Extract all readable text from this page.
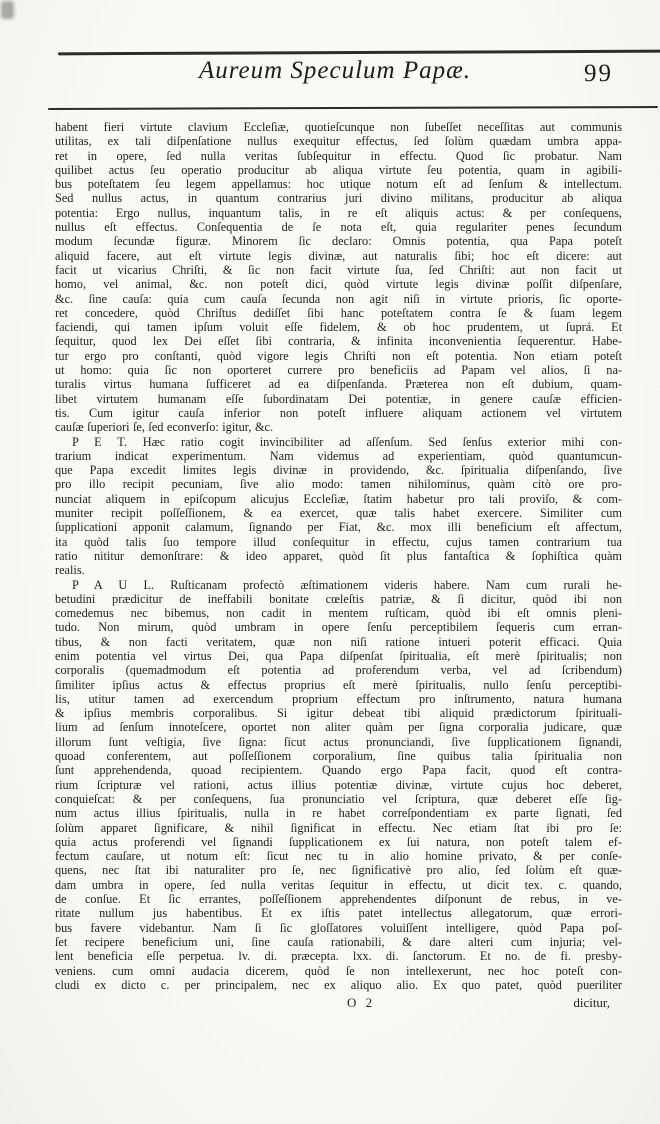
Aureum Speculum Papæ.	99
habent fieri virtute clavium Eccleſiæ, quotieſcunque non ſubeſſet neceſſitas aut communis
utilitas, ex tali diſpenſatione nullus exequitur effectus, ſed ſolùm quædam umbra appa-
ret in opere, ſed nulla veritas ſubſequitur in effectu. Quod ſic probatur. Nam
quilibet actus ſeu operatio producitur ab aliqua virtute ſeu potentia, quam in agibili-
bus poteſtatem ſeu legem appellamus: hoc utique notum eſt ad ſenſum & intellectum.
Sed nullus actus, in quantum contrarius juri divino militans, producitur ab aliqua
potentia: Ergo nullus, inquantum talis, in re eſt aliquis actus: & per conſequens,
nullus eſt effectus. Conſequentia de ſe nota eſt, quia regulariter penes ſecundum
modum ſecundæ figuræ. Minorem ſic declaro: Omnis potentia, qua Papa poteſt
aliquid facere, aut eſt virtute legis divinæ, aut naturalis ſibi; hoc eſt dicere: aut
facit ut vicarius Chriſti, & ſic non facit virtute ſua, ſed Chriſti: aut non facit ut
homo, vel animal, &c. non poteſt dici, quòd virtute legis divinæ poſſit diſpenſare,
&c. ſine cauſa: quia cum cauſa ſecunda non agit niſi in virtute prioris, ſic oporte-
ret concedere, quòd Chriſtus dediſſet ſibi hanc poteſtatem contra ſe & ſuam legem
faciendi, qui tamen ipſum voluit eſſe fidelem, & ob hoc prudentem, ut ſuprá. Et
ſequitur, quod lex Dei eſſet ſibi contraria, & infinita inconvenientia ſequerentur. Habe-
tur ergo pro conſtanti, quòd vigore legis Chriſti non eſt potentia. Non etiam poteſt
ut homo: quia ſic non oporteret currere pro beneficiis ad Papam vel alios, ſi na-
turalis virtus humana ſufficeret ad ea diſpenſanda. Præterea non eſt dubium, quam-
libet virtutem humanam eſſe ſubordinatam Dei potentiæ, in genere cauſæ efficien-
tis. Cum igitur cauſa inferior non poteſt influere aliquam actionem vel virtutem
cauſæ ſuperiori ſe, ſed econverſo: igitur, &c.
P E T. Hæc ratio cogit invincibiliter ad aſſenſum. Sed ſenſus exterior mihi con-
trarium indicat experimentum. Nam videmus ad experientiam, quòd quantumcun-
que Papa excedit limites legis divinæ in providendo, &c. ſpiritualia diſpenſando, ſive
pro illo recipit pecuniam, ſive alio modo: tamen nihilominus, quàm citò ore pro-
nunciat aliquem in epiſcopum alicujus Eccleſiæ, ſtatim habetur pro tali proviſo, & com-
muniter recipit poſſeſſionem, & ea exercet, quæ talis habet exercere. Similiter cum
ſupplicationi apponit calamum, ſignando per Fiat, &c. mox illi beneficium eſt affectum,
ita quòd talis ſuo tempore illud conſequitur in effectu, cujus tamen contrarium tua
ratio nititur demonſtrare: & ideo apparet, quòd ſit plus fantaſtica & ſophiſtica quàm
realis.
P A U L. Ruſticanam profectò æſtimationem videris habere. Nam cum rurali he-
betudini prædicitur de ineffabili bonitate cœleſtis patriæ, & ſi dicitur, quòd ibi non
comedemus nec bibemus, non cadit in mentem ruſticam, quòd ibi eſt omnis pleni-
tudo. Non mirum, quòd umbram in opere ſenſu perceptibilem ſequeris cum erran-
tibus, & non facti veritatem, quæ non niſi ratione intueri poterit efficaci. Quia
enim potentia vel virtus Dei, qua Papa diſpenſat ſpiritualia, eſt merè ſpiritualis; non
corporalis (quemadmodum eſt potentia ad proferendum verba, vel ad ſcribendum)
ſimiliter ipſius actus & effectus proprius eſt merè ſpiritualis, nullo ſenſu perceptibi-
lis, utitur tamen ad exercendum proprium effectum pro inſtrumento, natura humana
& ipſius membris corporalibus. Si igitur debeat tibi aliquid prædictorum ſpirituali-
lium ad ſenſum innoteſcere, oportet non aliter quàm per ſigna corporalia judicare, quæ
illorum ſunt veſtigia, ſive ſigna: ſicut actus pronunciandi, ſive ſupplicationem ſignandi,
quoad conferentem, aut poſſeſſionem corporalium, ſine quibus talia ſpiritualia non
ſunt apprehendenda, quoad recipientem. Quando ergo Papa facit, quod eſt contra-
rium ſcripturæ vel rationi, actus illius potentiæ divinæ, virtute cujus hoc deberet,
conquieſcat: & per conſequens, ſua pronunciatio vel ſcriptura, quæ deberet eſſe ſig-
num actus illius ſpiritualis, nulla in re habet correſpondentiam ex parte ſignati, ſed
ſolùm apparet ſignificare, & nihil ſignificat in effectu. Nec etiam ſtat ibi pro ſe:
quia actus proferendi vel ſignandi ſupplicationem ex ſui natura, non poteſt talem ef-
fectum cauſare, ut notum eſt: ſicut nec tu in alio homine privato, & per conſe-
quens, nec ſtat ibi naturaliter pro ſe, nec ſignificativè pro alio, ſed ſolùm eſt quæ-
dam umbra in opere, ſed nulla veritas ſequitur in effectu, ut dicit tex. c. quando,
de conſue. Et ſic errantes, poſſeſſionem apprehendentes diſponunt de rebus, in ve-
ritate nullum jus habentibus. Et ex iſtis patet intellectus allegatorum, quæ errori-
bus favere videbantur. Nam ſi ſic gloſſatores voluiſſent intelligere, quòd Papa poſ-
ſet recipere beneficium uni, ſine cauſa rationabili, & dare alteri cum injuria; vel-
lent beneficia eſſe perpetua. lv. di. præcepta. lxx. di. ſanctorum. Et no. de fi. presby-
veniens. cum omni audacia dicerem, quòd ſe non intellexerunt, nec hoc poteſt con-
cludi ex dicto c. per principalem, nec ex aliquo alio. Ex quo patet, quòd pueriliter
O 2	dicitur,
